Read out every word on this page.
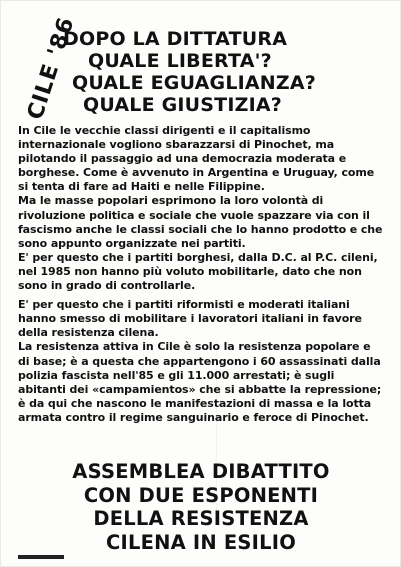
CILE '86
DOPO LA DITTATURA
QUALE LIBERTA'?
QUALE EGUAGLIANZA?
QUALE GIUSTIZIA?

In Cile le vecchie classi dirigenti e il capitalismo internazionale vogliono sbarazzarsi di Pinochet, ma pilotando il passaggio ad una democrazia moderata e borghese. Come è avvenuto in Argentina e Uruguay, come si tenta di fare ad Haiti e nelle Filippine.

Ma le masse popolari esprimono la loro volontà di rivoluzione politica e sociale che vuole spazzare via con il fascismo anche le classi sociali che lo hanno prodotto e che sono appunto organizzate nei partiti.

E' per questo che i partiti borghesi, dalla D.C. al P.C. cileni, nel 1985 non hanno più voluto mobilitarle, dato che non sono in grado di controllarle.

E' per questo che i partiti riformisti e moderati italiani hanno smesso di mobilitare i lavoratori italiani in favore della resistenza cilena.

La resistenza attiva in Cile è solo la resistenza popolare e di base; è a questa che appartengono i 60 assassinati dalla polizia fascista nell'85 e gli 11.000 arrestati; è sugli abitanti dei «campamientos» che si abbatte la repressione; è da qui che nascono le manifestazioni di massa e la lotta armata contro il regime sanguinario e feroce di Pinochet.

ASSEMBLEA DIBATTITO
CON DUE ESPONENTI
DELLA RESISTENZA
CILENA IN ESILIO
